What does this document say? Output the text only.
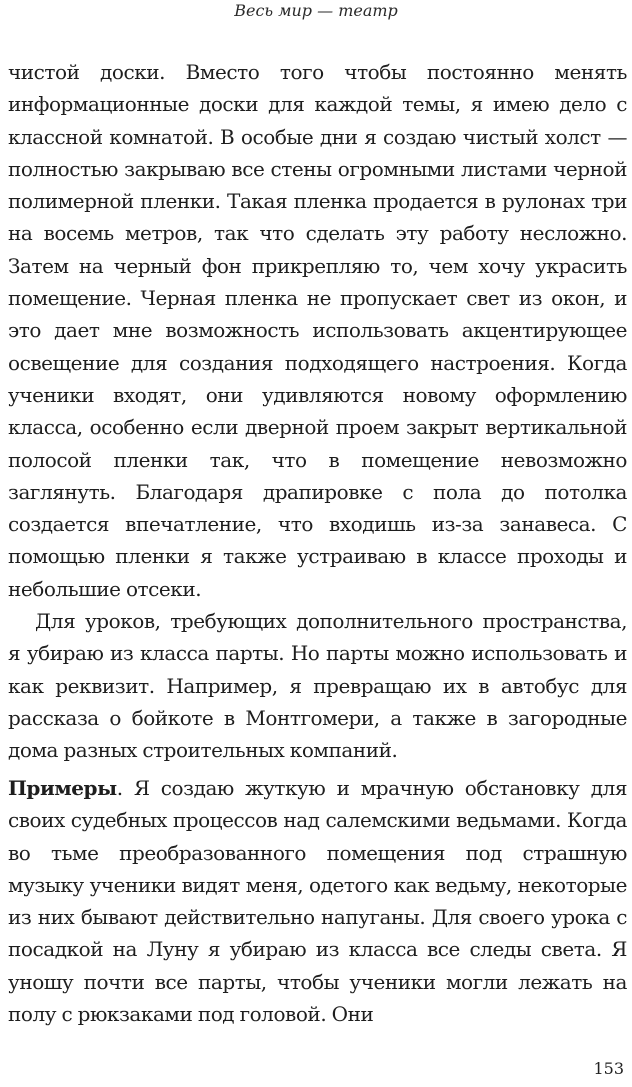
Весь мир — театр

чистой доски. Вместо того чтобы постоянно менять информационные доски для каждой темы, я имею дело с классной комнатой. В особые дни я создаю чистый холст — полностью закрываю все стены огромными листами черной полимерной пленки. Такая пленка продается в рулонах три на восемь метров, так что сделать эту работу несложно. Затем на черный фон прикрепляю то, чем хочу украсить помещение. Черная пленка не пропускает свет из окон, и это дает мне возможность использовать акцентирующее освещение для создания подходящего настроения. Когда ученики входят, они удивляются новому оформлению класса, особенно если дверной проем закрыт вертикальной полосой пленки так, что в помещение невозможно заглянуть. Благодаря драпировке с пола до потолка создается впечатление, что входишь из-за занавеса. С помощью пленки я также устраиваю в классе проходы и небольшие отсеки.

Для уроков, требующих дополнительного пространства, я убираю из класса парты. Но парты можно использовать и как реквизит. Например, я превращаю их в автобус для рассказа о бойкоте в Монтгомери, а также в загородные дома разных строительных компаний.

Примеры. Я создаю жуткую и мрачную обстановку для своих судебных процессов над салемскими ведьмами. Когда во тьме преобразованного помещения под страшную музыку ученики видят меня, одетого как ведьму, некоторые из них бывают действительно напуганы. Для своего урока с посадкой на Луну я убираю из класса все следы света. Я уношу почти все парты, чтобы ученики могли лежать на полу с рюкзаками под головой. Они

153
